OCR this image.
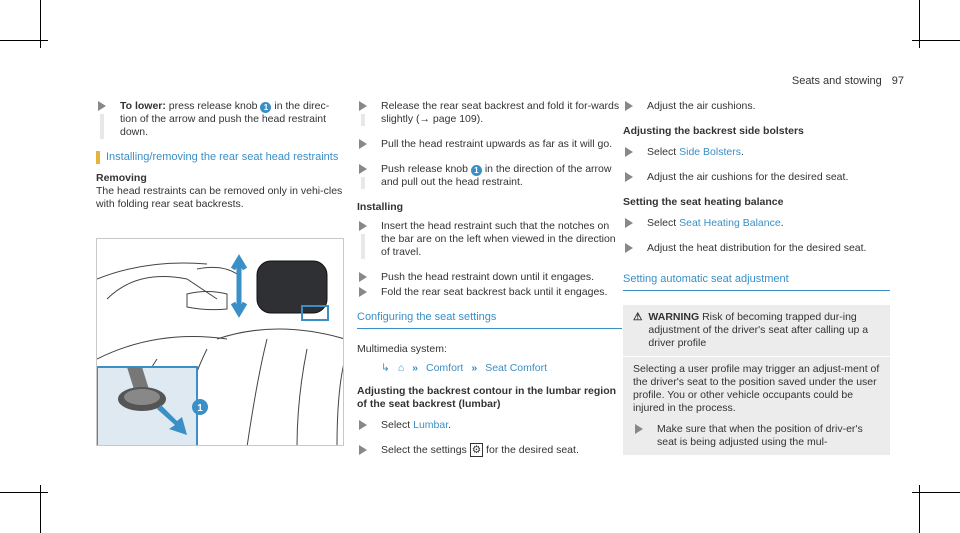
Seats and stowing 97
To lower: press release knob 1 in the direc-tion of the arrow and push the head restraint down.
Installing/removing the rear seat head restraints
Removing
The head restraints can be removed only in vehi-cles with folding rear seat backrests.
1
Release the rear seat backrest and fold it for-wards slightly (→ page 109).
Pull the head restraint upwards as far as it will go.
Push release knob 1 in the direction of the arrow and pull out the head restraint.
Installing
Insert the head restraint such that the notches on the bar are on the left when viewed in the direction of travel.
Push the head restraint down until it engages.
Fold the rear seat backrest back until it engages.
Configuring the seat settings
Multimedia system:
↳ ⌂ » Comfort » Seat Comfort
Adjusting the backrest contour in the lumbar region of the seat backrest (lumbar)
Select Lumbar.
Select the settings ⚙ for the desired seat.
Adjust the air cushions.
Adjusting the backrest side bolsters
Select Side Bolsters.
Adjust the air cushions for the desired seat.
Setting the seat heating balance
Select Seat Heating Balance.
Adjust the heat distribution for the desired seat.
Setting automatic seat adjustment
⚠ WARNING Risk of becoming trapped dur-ing adjustment of the driver's seat after calling up a driver profile
Selecting a user profile may trigger an adjust-ment of the driver's seat to the position saved under the user profile. You or other vehicle occupants could be injured in the process.
Make sure that when the position of driv-er's seat is being adjusted using the mul-
